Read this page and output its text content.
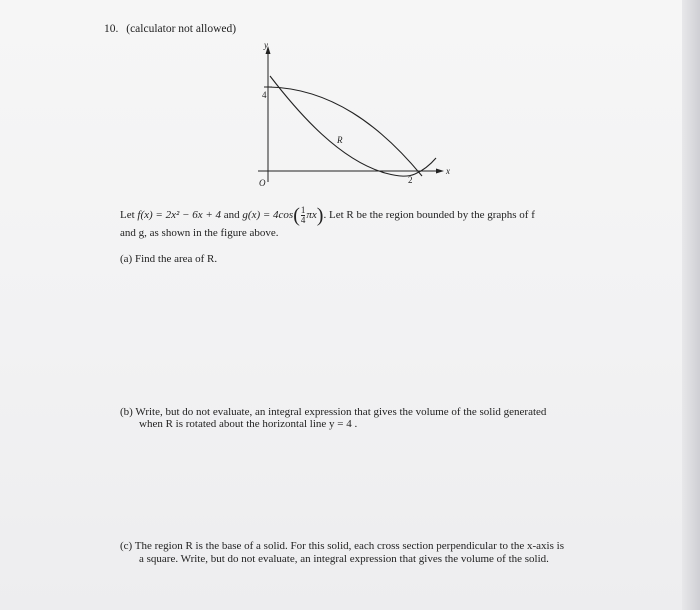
10. (calculator not allowed)
y
x
O
4
2
R
Let f(x) = 2x² − 6x + 4 and $g(x) = 4\cos( \frac{1}{4} \pi x)$. Let R be the region bounded by the graphs of f
and g, as shown in the figure above.
(a) Find the area of R.
(b) Write, but do not evaluate, an integral expression that gives the volume of the solid generated
when R is rotated about the horizontal line y = 4 .
(c) The region R is the base of a solid. For this solid, each cross section perpendicular to the x-axis is
a square. Write, but do not evaluate, an integral expression that gives the volume of the solid.
